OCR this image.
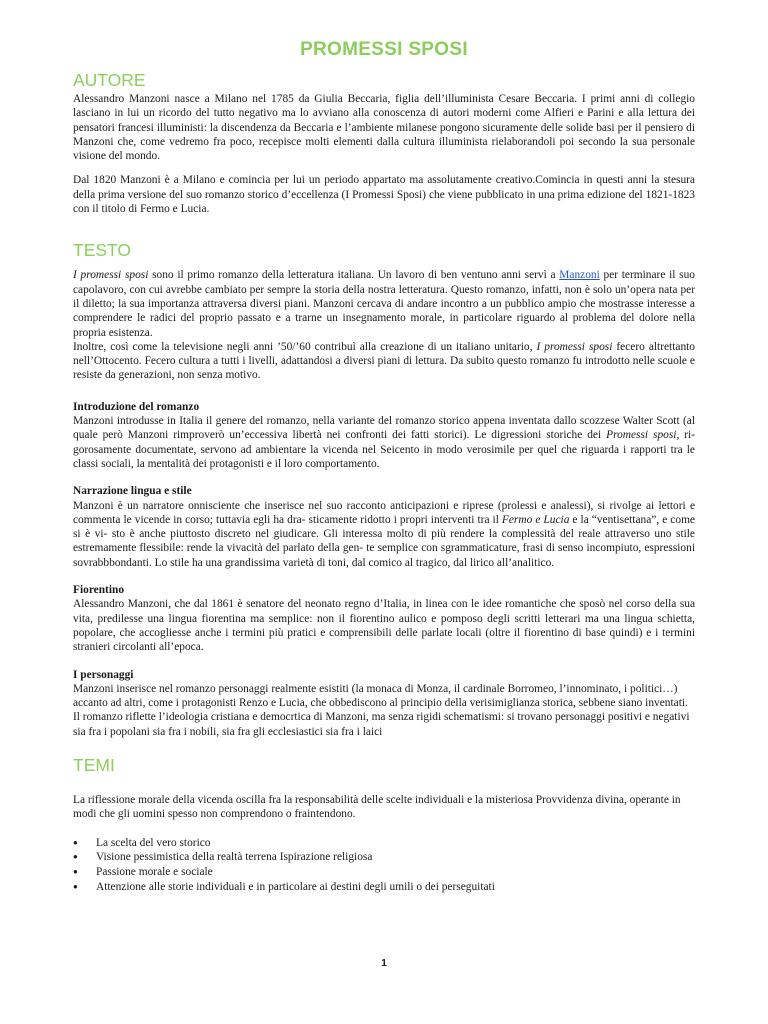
PROMESSI SPOSI
AUTORE

Alessandro Manzoni nasce a Milano nel 1785 da Giulia Beccaria, figlia dell’illuminista Cesare Beccaria. I primi anni di collegio lasciano in lui un ricordo del tutto negativo ma lo avviano alla conoscenza di autori moderni come Alfieri e Parini e alla lettura dei pensatori francesi illuministi: la discendenza da Beccaria e l’ambiente milanese pongono sicuramente delle solide basi per il pensiero di Manzoni che, come vedremo fra poco, recepisce molti elementi dalla cultura illuminista rielaborandoli poi secondo la sua personale visione del mondo.

Dal 1820 Manzoni è a Milano e comincia per lui un periodo appartato ma assolutamente creativo.Comincia in questi anni la stesura della prima versione del suo romanzo storico d’eccellenza (I Promessi Sposi) che viene pubblicato in una prima edizione del 1821-1823 con il titolo di Fermo e Lucia.

TESTO

I promessi sposi sono il primo romanzo della letteratura italiana. Un lavoro di ben ventuno anni servì a Manzoni per terminare il suo capolavoro, con cui avrebbe cambiato per sempre la storia della nostra letteratura. Questo romanzo, infatti, non è solo un’opera nata per il diletto; la sua importanza attraversa diversi piani. Manzoni cercava di andare incontro a un pubblico ampio che mostrasse interesse a comprendere le radici del proprio passato e a trarne un insegnamento morale, in particolare riguardo al problema del dolore nella propria esistenza.

Inoltre, così come la televisione negli anni ’50/’60 contribuì alla creazione di un italiano unitario, I promessi sposi fecero altrettanto nell’Ottocento. Fecero cultura a tutti i livelli, adattandosi a diversi piani di lettura. Da subito questo romanzo fu introdotto nelle scuole e resiste da generazioni, non senza motivo.

Introduzione del romanzo

Manzoni introdusse in Italia il genere del romanzo, nella variante del romanzo storico appena inventata dallo scozzese Walter Scott (al quale però Manzoni rimproverò un’eccessiva libertà nei confronti dei fatti storici). Le digressioni storiche dei Promessi sposi, ri- gorosamente documentate, servono ad ambientare la vicenda nel Seicento in modo verosimile per quel che riguarda i rapporti tra le classi sociali, la mentalità dei protagonisti e il loro comportamento.

Narrazione lingua e stile

Manzoni è un narratore onnisciente che inserisce nel suo racconto anticipazioni e riprese (prolessi e analessi), si rivolge ai lettori e commenta le vicende in corso; tuttavia egli ha dra- sticamente ridotto i propri interventi tra il Fermo e Lucia e la “ventisettana”, e come si è vi- sto è anche piuttosto discreto nel giudicare. Gli interessa molto di più rendere la complessità del reale attraverso uno stile estremamente flessibile: rende la vivacità del parlato della gen- te semplice con sgrammaticature, frasi di senso incompiuto, espressioni sovrabbbondanti. Lo stile ha una grandissima varietà di toni, dal comico al tragico, dal lirico all’analitico.

Fiorentino

Alessandro Manzoni, che dal 1861 è senatore del neonato regno d’Italia, in linea con le idee romantiche che sposò nel corso della sua vita, predilesse una lingua fiorentina ma semplice: non il fiorentino aulico e pomposo degli scritti letterari ma una lingua schietta, popolare, che accogliesse anche i termini più pratici e comprensibili delle parlate locali (oltre il fiorentino di base quindi) e i termini stranieri circolanti all’epoca.

I personaggi

Manzoni inserisce nel romanzo personaggi realmente esistiti (la monaca di Monza, il cardinale Borromeo, l’innominato, i politici…) accanto ad altri, come i protagonisti Renzo e Lucia, che obbediscono al principio della verisimiglianza storica, sebbene siano inventati. Il romanzo riflette l’ideologia cristiana e democrtica di Manzoni, ma senza rigidi schematismi: si trovano personaggi positivi e negativi sia fra i popolani sia fra i nobili, sia fra gli ecclesiastici sia fra i laici

TEMI

La riflessione morale della vicenda oscilla fra la responsabilità delle scelte individuali e la misteriosa Provvidenza divina, operante in modi che gli uomini spesso non comprendono o fraintendono.

● La scelta del vero storico
● Visione pessimistica della realtà terrena Ispirazione religiosa
● Passione morale e sociale
● Attenzione alle storie individuali e in particolare ai destini degli umili o dei perseguitati
1
